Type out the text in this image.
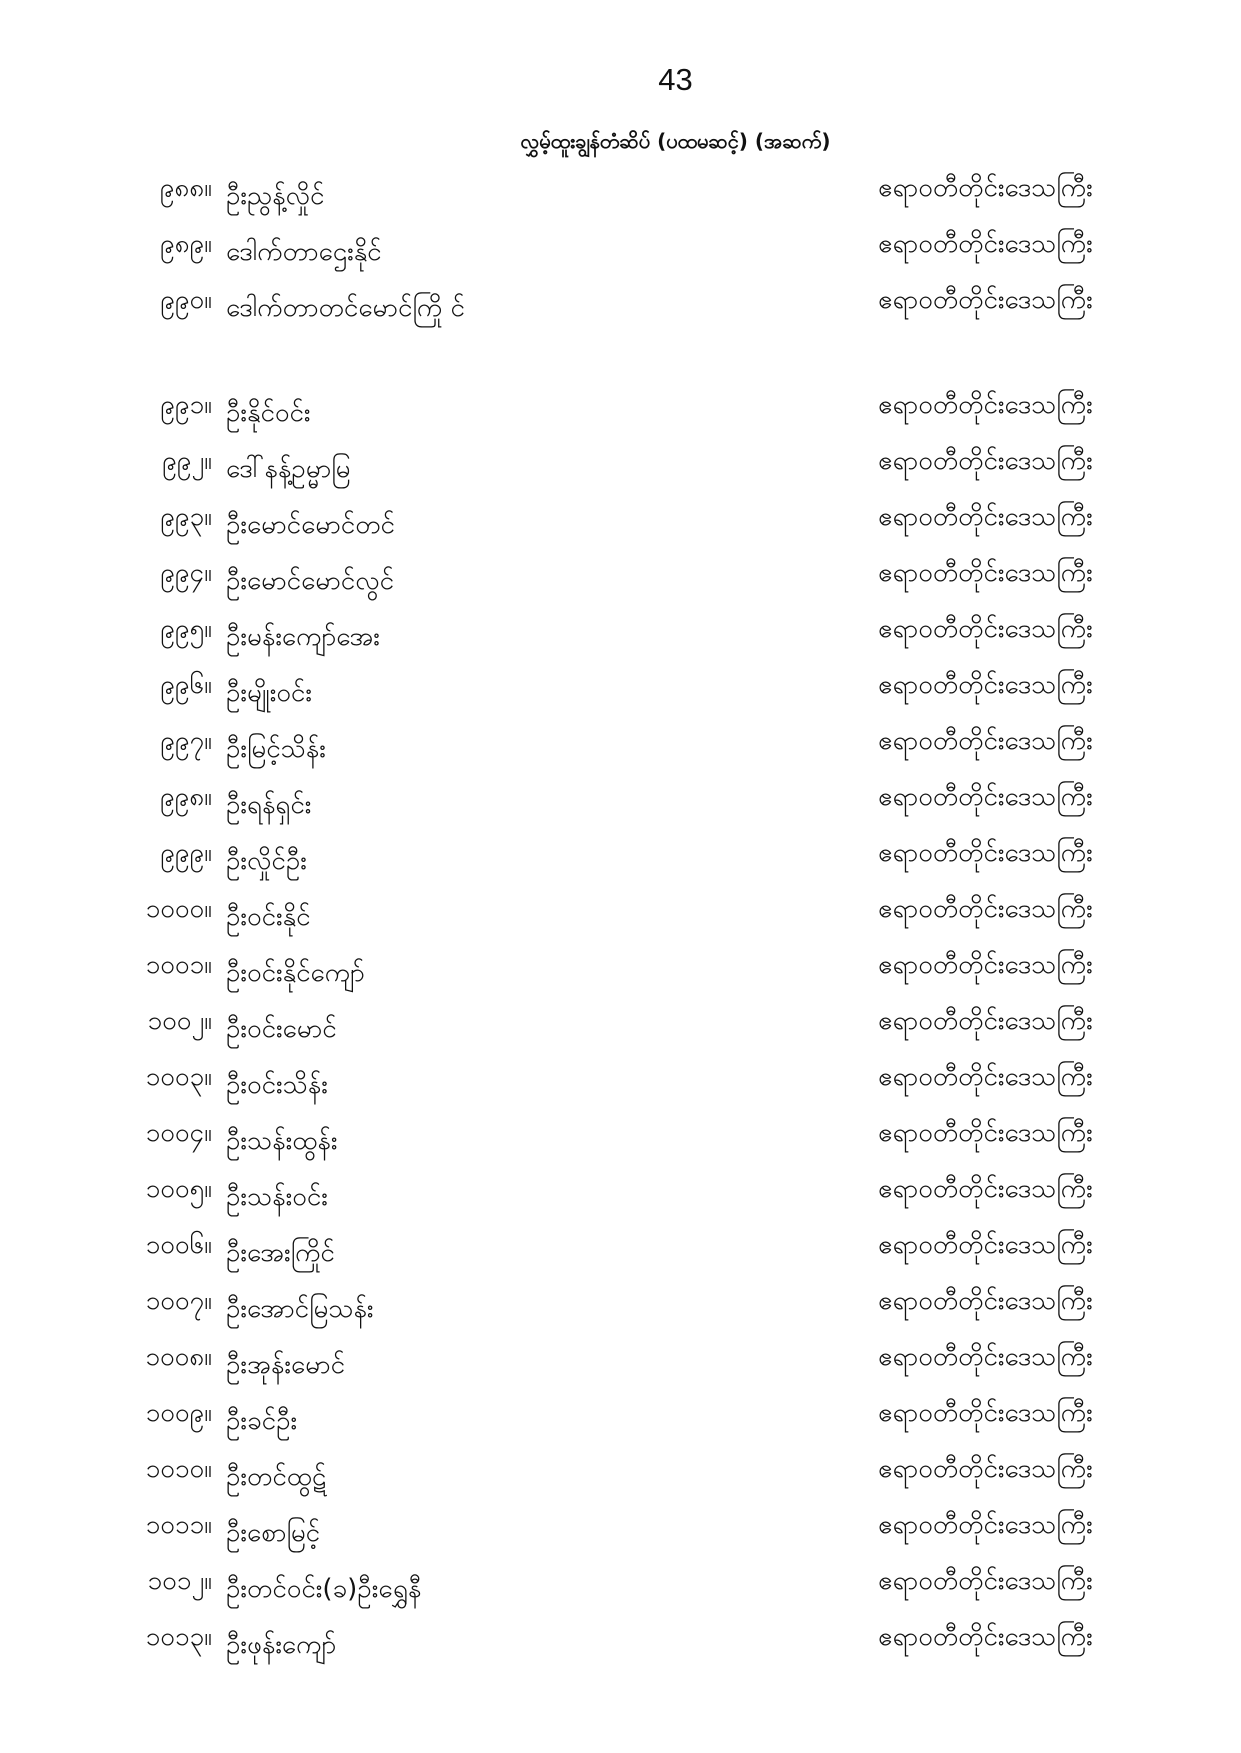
43
လွှမ့်ထူးချွန်တံဆိပ် (ပထမဆင့်) (အဆက်)
၉၈၈။ ဦးညွန့်လှိုင်	ဧရာဝတီတိုင်းဒေသကြီး
၉၈၉။ ဒေါက်တာဌေးနိုင်	ဧရာဝတီတိုင်းဒေသကြီး
၉၉၀။ ဒေါက်တာတင်မောင်ကြို င်	ဧရာဝတီတိုင်းဒေသကြီး
၉၉၁။ ဦးနိုင်ဝင်း	ဧရာဝတီတိုင်းဒေသကြီး
၉၉၂။ ဒေါ်နန့်ဥမ္မာမြ	ဧရာဝတီတိုင်းဒေသကြီး
၉၉၃။ ဦးမောင်မောင်တင်	ဧရာဝတီတိုင်းဒေသကြီး
၉၉၄။ ဦးမောင်မောင်လွင်	ဧရာဝတီတိုင်းဒေသကြီး
၉၉၅။ ဦးမန်းကျော်အေး	ဧရာဝတီတိုင်းဒေသကြီး
၉၉၆။ ဦးမျိုးဝင်း	ဧရာဝတီတိုင်းဒေသကြီး
၉၉၇။ ဦးမြင့်သိန်း	ဧရာဝတီတိုင်းဒေသကြီး
၉၉၈။ ဦးရန်ရှင်း	ဧရာဝတီတိုင်းဒေသကြီး
၉၉၉။ ဦးလှိုင်ဦး	ဧရာဝတီတိုင်းဒေသကြီး
၁၀၀၀။ ဦးဝင်းနိုင်	ဧရာဝတီတိုင်းဒေသကြီး
၁၀၀၁။ ဦးဝင်းနိုင်ကျော်	ဧရာဝတီတိုင်းဒေသကြီး
၁၀၀၂။ ဦးဝင်းမောင်	ဧရာဝတီတိုင်းဒေသကြီး
၁၀၀၃။ ဦးဝင်းသိန်း	ဧရာဝတီတိုင်းဒေသကြီး
၁၀၀၄။ ဦးသန်းထွန်း	ဧရာဝတီတိုင်းဒေသကြီး
၁၀၀၅။ ဦးသန်းဝင်း	ဧရာဝတီတိုင်းဒေသကြီး
၁၀၀၆။ ဦးအေးကြိုင်	ဧရာဝတီတိုင်းဒေသကြီး
၁၀၀၇။ ဦးအောင်မြသန်း	ဧရာဝတီတိုင်းဒေသကြီး
၁၀၀၈။ ဦးအုန်းမောင်	ဧရာဝတီတိုင်းဒေသကြီး
၁၀၀၉။ ဦးခင်ဦး	ဧရာဝတီတိုင်းဒေသကြီး
၁၀၁၀။ ဦးတင်ထွဋ်	ဧရာဝတီတိုင်းဒေသကြီး
၁၀၁၁။ ဦးစောမြင့်	ဧရာဝတီတိုင်းဒေသကြီး
၁၀၁၂။ ဦးတင်ဝင်း(ခ)ဦးရွှေနီ	ဧရာဝတီတိုင်းဒေသကြီး
၁၀၁၃။ ဦးဖုန်းကျော်	ဧရာဝတီတိုင်းဒေသကြီး
